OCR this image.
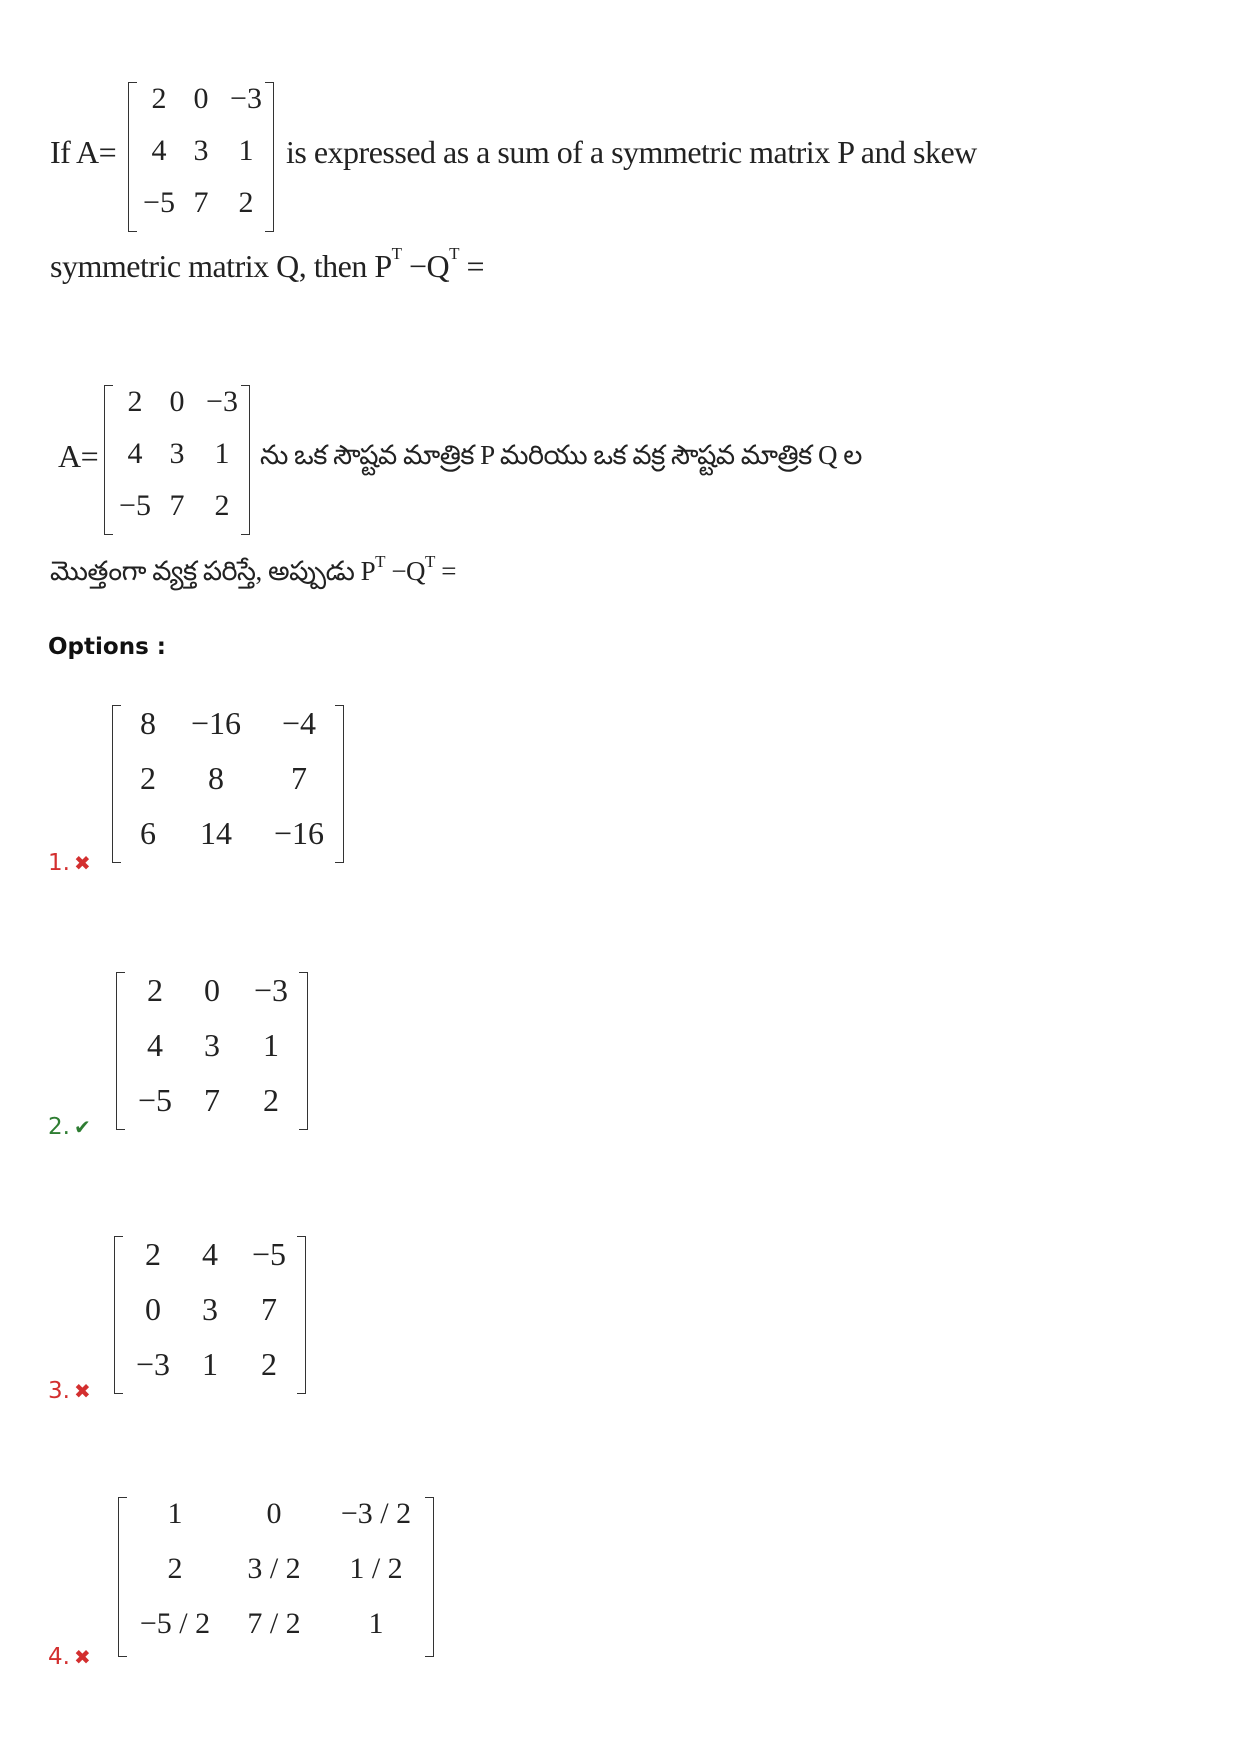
If A=
2 0 −3
4 3	1
−5 7	2
is expressed as a sum of a symmetric matrix P and skew
symmetric matrix Q, then $P^T -Q^T$ =
A=
2 0 −3
4 3	1
−5 7	2
ను ఒక సౌష్టవ మాత్రిక P మరియు ఒక వక్ర సౌష్టవ మాత్రిక Q ల
మొత్తంగా వ్యక్త పరిస్తే, అప్పుడు $P^T -Q^T$ =
Options :
1. ✖
8	−16	−4
2	8	7
6	14	−16
2. ✔
2	0	−3
4	3	1
−5 7	2
3. ✖
2	4	−5
0	3	7
−3 1	2
4. ✖
1	0	−3 / 2
2	3 / 2	1 / 2
−5 / 2	7 / 2	1
